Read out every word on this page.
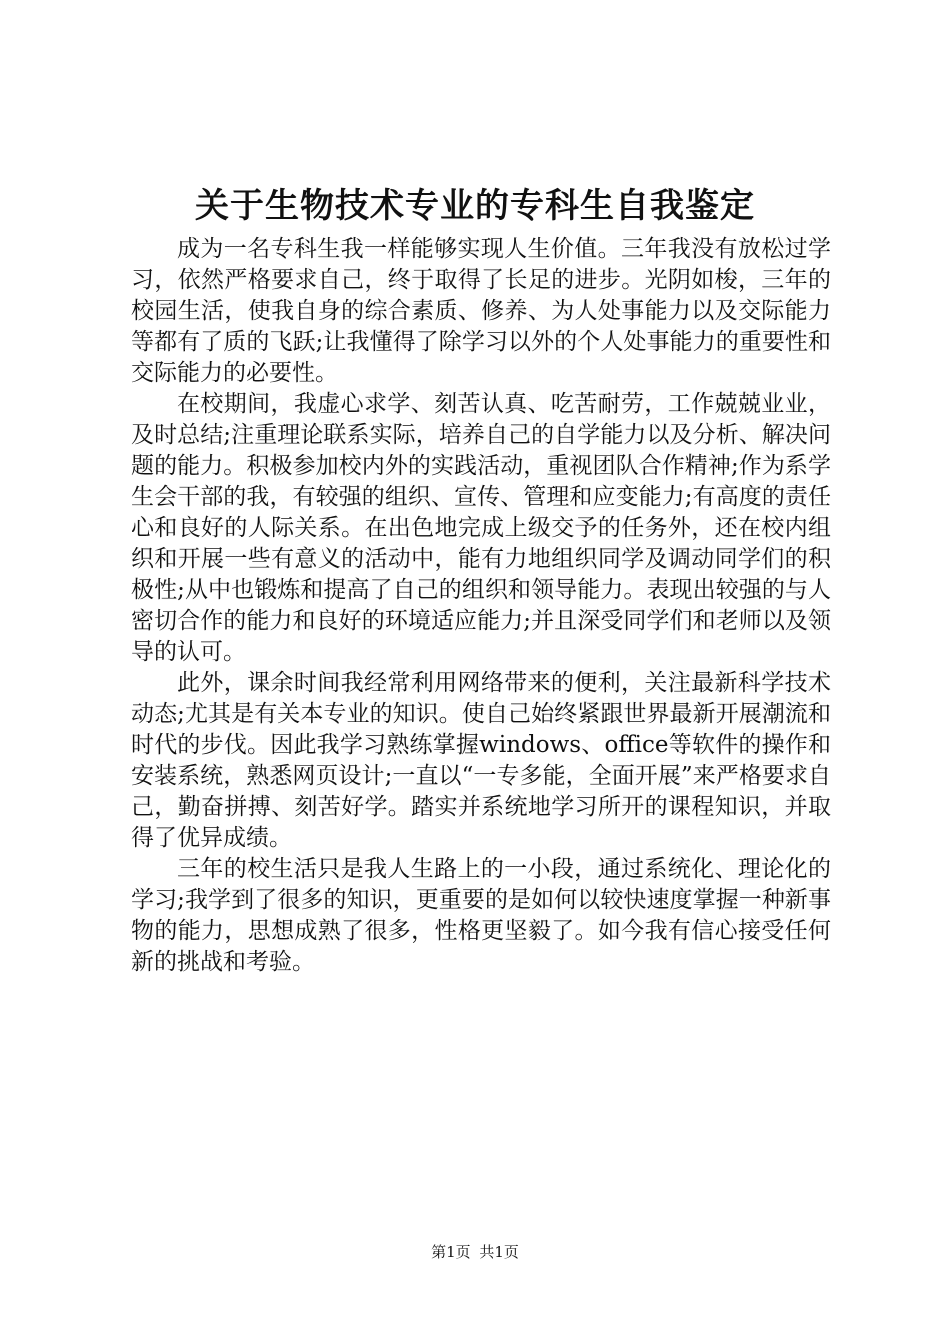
关于生物技术专业的专科生自我鉴定

成为一名专科生我一样能够实现人生价值。三年我没有放松过学习，依然严格要求自己，终于取得了长足的进步。光阴如梭，三年的校园生活，使我自身的综合素质、修养、为人处事能力以及交际能力等都有了质的飞跃;让我懂得了除学习以外的个人处事能力的重要性和交际能力的必要性。

在校期间，我虚心求学、刻苦认真、吃苦耐劳，工作兢兢业业，及时总结;注重理论联系实际，培养自己的自学能力以及分析、解决问题的能力。积极参加校内外的实践活动，重视团队合作精神;作为系学生会干部的我，有较强的组织、宣传、管理和应变能力;有高度的责任心和良好的人际关系。在出色地完成上级交予的任务外，还在校内组织和开展一些有意义的活动中，能有力地组织同学及调动同学们的积极性;从中也锻炼和提高了自己的组织和领导能力。表现出较强的与人密切合作的能力和良好的环境适应能力;并且深受同学们和老师以及领导的认可。

此外，课余时间我经常利用网络带来的便利，关注最新科学技术动态;尤其是有关本专业的知识。使自己始终紧跟世界最新开展潮流和时代的步伐。因此我学习熟练掌握windows、office等软件的操作和安装系统，熟悉网页设计;一直以“一专多能，全面开展”来严格要求自己，勤奋拼搏、刻苦好学。踏实并系统地学习所开的课程知识，并取得了优异成绩。

三年的校生活只是我人生路上的一小段，通过系统化、理论化的学习;我学到了很多的知识，更重要的是如何以较快速度掌握一种新事物的能力，思想成熟了很多，性格更坚毅了。如今我有信心接受任何新的挑战和考验。

第1页 共1页
